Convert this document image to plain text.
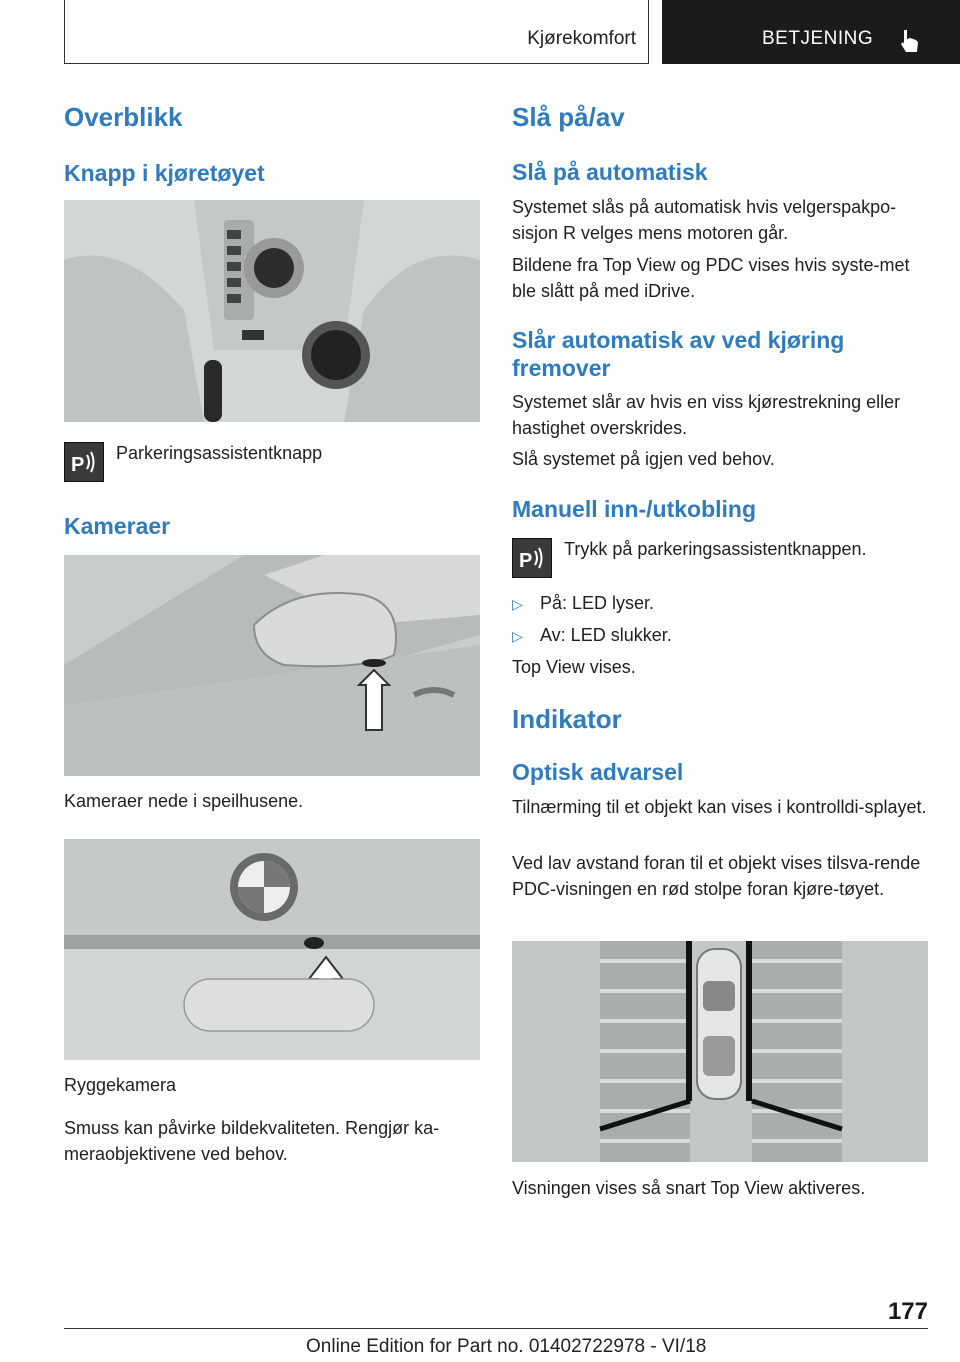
Kjørekomfort	BETJENING
Overblikk
Knapp i kjøretøyet
P

Parkeringsassistentknapp

Kameraer

Kameraer nede i speilhusene.

Ryggekamera

Smuss kan påvirke bildekvaliteten. Rengjør ka-meraobjektivene ved behov.

Slå på/av
Slå på automatisk

Systemet slås på automatisk hvis velgerspakpo-sisjon R velges mens motoren går.

Bildene fra Top View og PDC vises hvis syste-met ble slått på med iDrive.

Slår automatisk av ved kjøring fremover

Systemet slår av hvis en viss kjørestrekning eller hastighet overskrides.

Slå systemet på igjen ved behov.

Manuell inn-/utkobling
P

Trykk på parkeringsassistentknappen.

▷ På: LED lyser.
▷ Av: LED slukker.

Top View vises.

Indikator
Optisk advarsel

Tilnærming til et objekt kan vises i kontrolldi-splayet.

Ved lav avstand foran til et objekt vises tilsva-rende PDC-visningen en rød stolpe foran kjøre-tøyet.

Visningen vises så snart Top View aktiveres.

177
Online Edition for Part no. 01402722978 - VI/18
